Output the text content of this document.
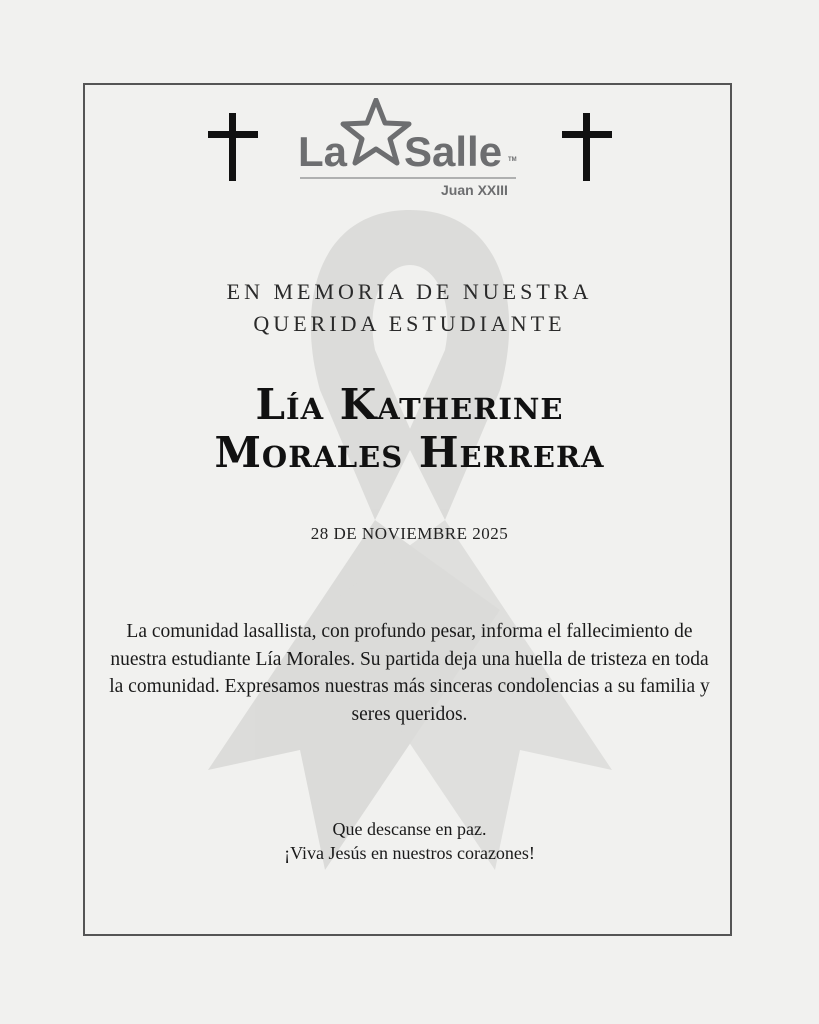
La Salle TM
Juan XXIII
EN MEMORIA DE NUESTRA
QUERIDA ESTUDIANTE
Lía Katherine
Morales Herrera
28 DE NOVIEMBRE 2025
La comunidad lasallista, con profundo pesar, informa el fallecimiento de nuestra estudiante Lía Morales. Su partida deja una huella de tristeza en toda la comunidad. Expresamos nuestras más sinceras condolencias a su familia y seres queridos.
Que descanse en paz.
¡Viva Jesús en nuestros corazones!
